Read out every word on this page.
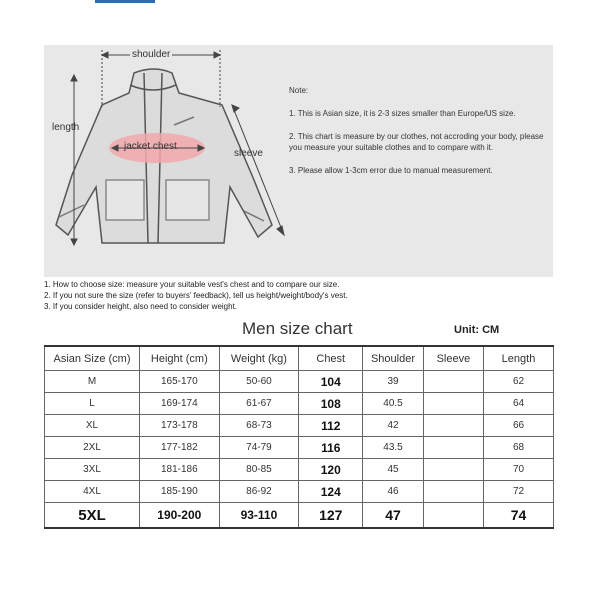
shoulder
length
jacket chest
sleeve

Note:

1. This is Asian size, it is 2-3 sizes smaller than Europe/US size.

2. This chart is measure by our clothes, not accroding your body, please you measure your suitable clothes and to compare with it.

3. Please allow 1-3cm error due to manual measurement.

1. How to choose size: measure your suitable vest's chest and to compare our size.
2. If you not sure the size (refer to buyers' feedback), tell us height/weight/body's vest.
3. If you consider height, also need to consider weight.
Men size chart	Unit: CM
Asian Size (cm)	Height (cm)	Weight (kg)	Chest	Shoulder	Sleeve	Length
M	165-170	50-60	104	39		62
L	169-174	61-67	108	40.5		64
XL	173-178	68-73	112	42		66
2XL	177-182	74-79	116	43.5		68
3XL	181-186	80-85	120	45		70
4XL	185-190	86-92	124	46		72
5XL	190-200	93-110	127	47		74
